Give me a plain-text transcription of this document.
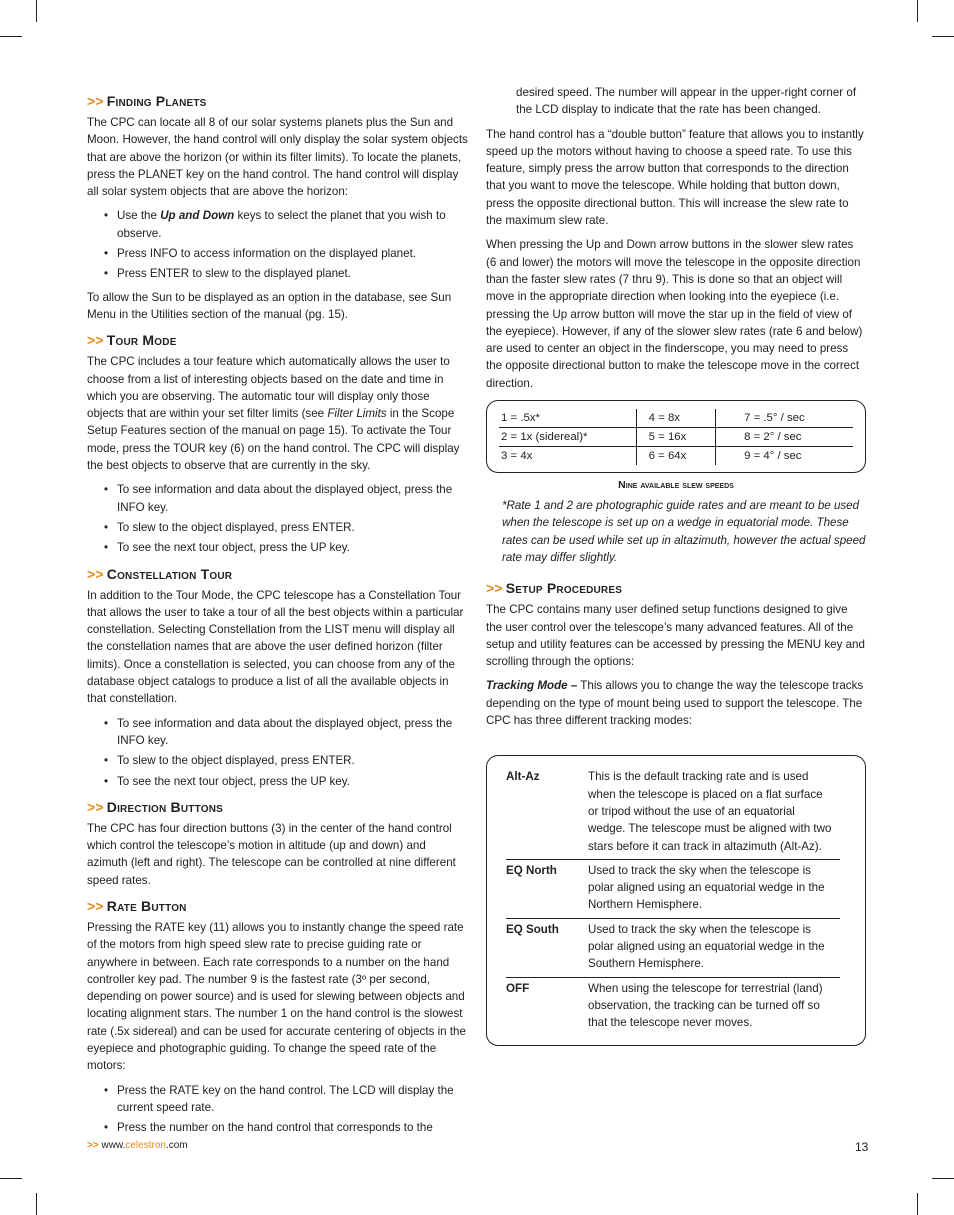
>> Finding Planets

The CPC can locate all 8 of our solar systems planets plus the Sun and Moon. However, the hand control will only display the solar system objects that are above the horizon (or within its filter limits). To locate the planets, press the PLANET key on the hand control. The hand control will display all solar system objects that are above the horizon:

• Use the Up and Down keys to select the planet that you wish to observe.
• Press INFO to access information on the displayed planet.
• Press ENTER to slew to the displayed planet.

To allow the Sun to be displayed as an option in the database, see Sun Menu in the Utilities section of the manual (pg. 15).

>> Tour Mode

The CPC includes a tour feature which automatically allows the user to choose from a list of interesting objects based on the date and time in which you are observing. The automatic tour will display only those objects that are within your set filter limits (see Filter Limits in the Scope Setup Features section of the manual on page 15). To activate the Tour mode, press the TOUR key (6) on the hand control. The CPC will display the best objects to observe that are currently in the sky.

• To see information and data about the displayed object, press the INFO key.
• To slew to the object displayed, press ENTER.
• To see the next tour object, press the UP key.
>> Constellation Tour

In addition to the Tour Mode, the CPC telescope has a Constellation Tour that allows the user to take a tour of all the best objects within a particular constellation. Selecting Constellation from the LIST menu will display all the constellation names that are above the user defined horizon (filter limits). Once a constellation is selected, you can choose from any of the database object catalogs to produce a list of all the available objects in that constellation.

• To see information and data about the displayed object, press the INFO key.
• To slew to the object displayed, press ENTER.
• To see the next tour object, press the UP key.
>> Direction Buttons

The CPC has four direction buttons (3) in the center of the hand control which control the telescope’s motion in altitude (up and down) and azimuth (left and right). The telescope can be controlled at nine different speed rates.

>> Rate Button

Pressing the RATE key (11) allows you to instantly change the speed rate of the motors from high speed slew rate to precise guiding rate or anywhere in between. Each rate corresponds to a number on the hand controller key pad. The number 9 is the fastest rate (3º per second, depending on power source) and is used for slewing between objects and locating alignment stars. The number 1 on the hand control is the slowest rate (.5x sidereal) and can be used for accurate centering of objects in the eyepiece and photographic guiding. To change the speed rate of the motors:

• Press the RATE key on the hand control. The LCD will display the current speed rate.
• Press the number on the hand control that corresponds to the

desired speed. The number will appear in the upper-right corner of the LCD display to indicate that the rate has been changed.

The hand control has a “double button” feature that allows you to instantly speed up the motors without having to choose a speed rate. To use this feature, simply press the arrow button that corresponds to the direction that you want to move the telescope. While holding that button down, press the opposite directional button. This will increase the slew rate to the maximum slew rate.

When pressing the Up and Down arrow buttons in the slower slew rates (6 and lower) the motors will move the telescope in the opposite direction than the faster slew rates (7 thru 9). This is done so that an object will move in the appropriate direction when looking into the eyepiece (i.e. pressing the Up arrow button will move the star up in the field of view of the eyepiece). However, if any of the slower slew rates (rate 6 and below) are used to center an object in the finderscope, you may need to press the opposite directional button to make the telescope move in the correct direction.

1 = .5x*	4 = 8x	7 = .5° / sec
2 = 1x (sidereal)*	5 = 16x	8 = 2° / sec
3 = 4x	6 = 64x	9 = 4° / sec
Nine available slew speeds

*Rate 1 and 2 are photographic guide rates and are meant to be used when the telescope is set up on a wedge in equatorial mode. These rates can be used while set up in altazimuth, however the actual speed rate may differ slightly.

>> Setup Procedures

The CPC contains many user defined setup functions designed to give the user control over the telescope’s many advanced features. All of the setup and utility features can be accessed by pressing the MENU key and scrolling through the options:

Tracking Mode – This allows you to change the way the telescope tracks depending on the type of mount being used to support the telescope. The CPC has three different tracking modes:

Alt-Az	This is the default tracking rate and is used when the telescope is placed on a flat surface or tripod without the use of an equatorial wedge. The telescope must be aligned with two stars before it can track in altazimuth (Alt-Az).
EQ North	Used to track the sky when the telescope is polar aligned using an equatorial wedge in the Northern Hemisphere.
EQ South	Used to track the sky when the telescope is polar aligned using an equatorial wedge in the Southern Hemisphere.
OFF	When using the telescope for terrestrial (land) observation, the tracking can be turned off so that the telescope never moves.
>> www.celestron.com	13
